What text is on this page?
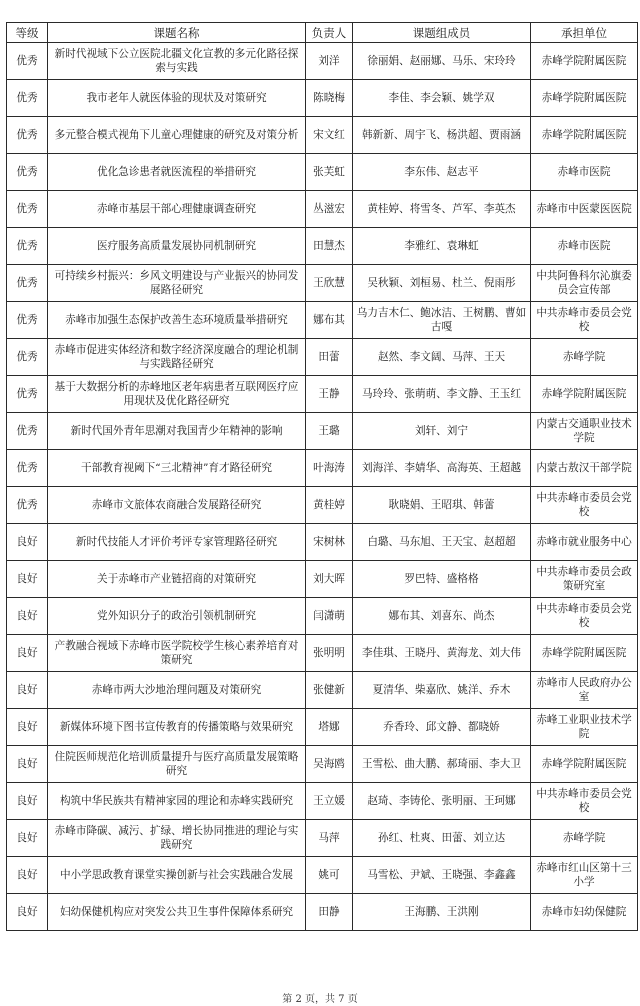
等级	课题名称	负责人	课题组成员	承担单位
优秀	新时代视域下公立医院北疆文化宣教的多元化路径探索与实践	刘洋	徐丽娟、赵丽娜、马乐、宋玲玲	赤峰学院附属医院
优秀	我市老年人就医体验的现状及对策研究	陈晓梅	李佳、李会颖、姚学双	赤峰学院附属医院
优秀	多元整合模式视角下儿童心理健康的研究及对策分析	宋文红	韩新新、周宇飞、杨洪超、贾雨涵	赤峰学院附属医院
优秀	优化急诊患者就医流程的举措研究	张芙虹	李东伟、赵志平	赤峰市医院
优秀	赤峰市基层干部心理健康调查研究	丛滋宏	黄桂婷、将雪冬、芦军、李英杰	赤峰市中医蒙医医院
优秀	医疗服务高质量发展协同机制研究	田慧杰	李雅红、袁琳虹	赤峰市医院
优秀	可持续乡村振兴：乡风文明建设与产业振兴的协同发展路径研究	王欣慧	吴秋颖、刘桓易、杜兰、倪雨彤	中共阿鲁科尔沁旗委员会宣传部
优秀	赤峰市加强生态保护改善生态环境质量举措研究	娜布其	乌力吉木仁、鲍冰洁、王树鹏、曹如古嘎	中共赤峰市委员会党校
优秀	赤峰市促进实体经济和数字经济深度融合的理论机制与实践路径研究	田蕾	赵然、李文阔、马萍、王天	赤峰学院
优秀	基于大数据分析的赤峰地区老年病患者互联网医疗应用现状及优化路径研究	王静	马玲玲、张萌萌、李文静、王玉红	赤峰学院附属医院
优秀	新时代国外青年思潮对我国青少年精神的影响	王璐	刘轩、刘宁	内蒙古交通职业技术学院
优秀	干部教育视阈下“三北精神”育才路径研究	叶海涛	刘海洋、李婧华、高海英、王超越	内蒙古敖汉干部学院
优秀	赤峰市文旅体农商融合发展路径研究	黄桂婷	耿晓娟、王昭琪、韩蕾	中共赤峰市委员会党校
良好	新时代技能人才评价考评专家管理路径研究	宋树林	白璐、马东旭、王天宝、赵超超	赤峰市就业服务中心
良好	关于赤峰市产业链招商的对策研究	刘大晖	罗巴特、盛格格	中共赤峰市委员会政策研究室
良好	党外知识分子的政治引领机制研究	闫潇萌	娜布其、刘喜东、尚杰	中共赤峰市委员会党校
良好	产教融合视域下赤峰市医学院校学生核心素养培育对策研究	张明明	李佳琪、王晓丹、黄海龙、刘大伟	赤峰学院附属医院
良好	赤峰市两大沙地治理问题及对策研究	张健新	夏清华、柴嘉欣、姚洋、乔木	赤峰市人民政府办公室
良好	新媒体环境下图书宣传教育的传播策略与效果研究	塔娜	乔香玲、邱文静、都晓娇	赤峰工业职业技术学院
良好	住院医师规范化培训质量提升与医疗高质量发展策略研究	吴海鸥	王雪松、曲大鹏、郝琦丽、李大卫	赤峰学院附属医院
良好	构筑中华民族共有精神家园的理论和赤峰实践研究	王立媛	赵琦、李铸伦、张明丽、王珂娜	中共赤峰市委员会党校
良好	赤峰市降碳、减污、扩绿、增长协同推进的理论与实践研究	马萍	孙红、杜爽、田蕾、刘立达	赤峰学院
良好	中小学思政教育课堂实操创新与社会实践融合发展	姚可	马雪松、尹斌、王晓强、李鑫鑫	赤峰市红山区第十三小学
良好	妇幼保健机构应对突发公共卫生事件保障体系研究	田静	王海鹏、王洪刚	赤峰市妇幼保健院
第 2 页，共 7 页
